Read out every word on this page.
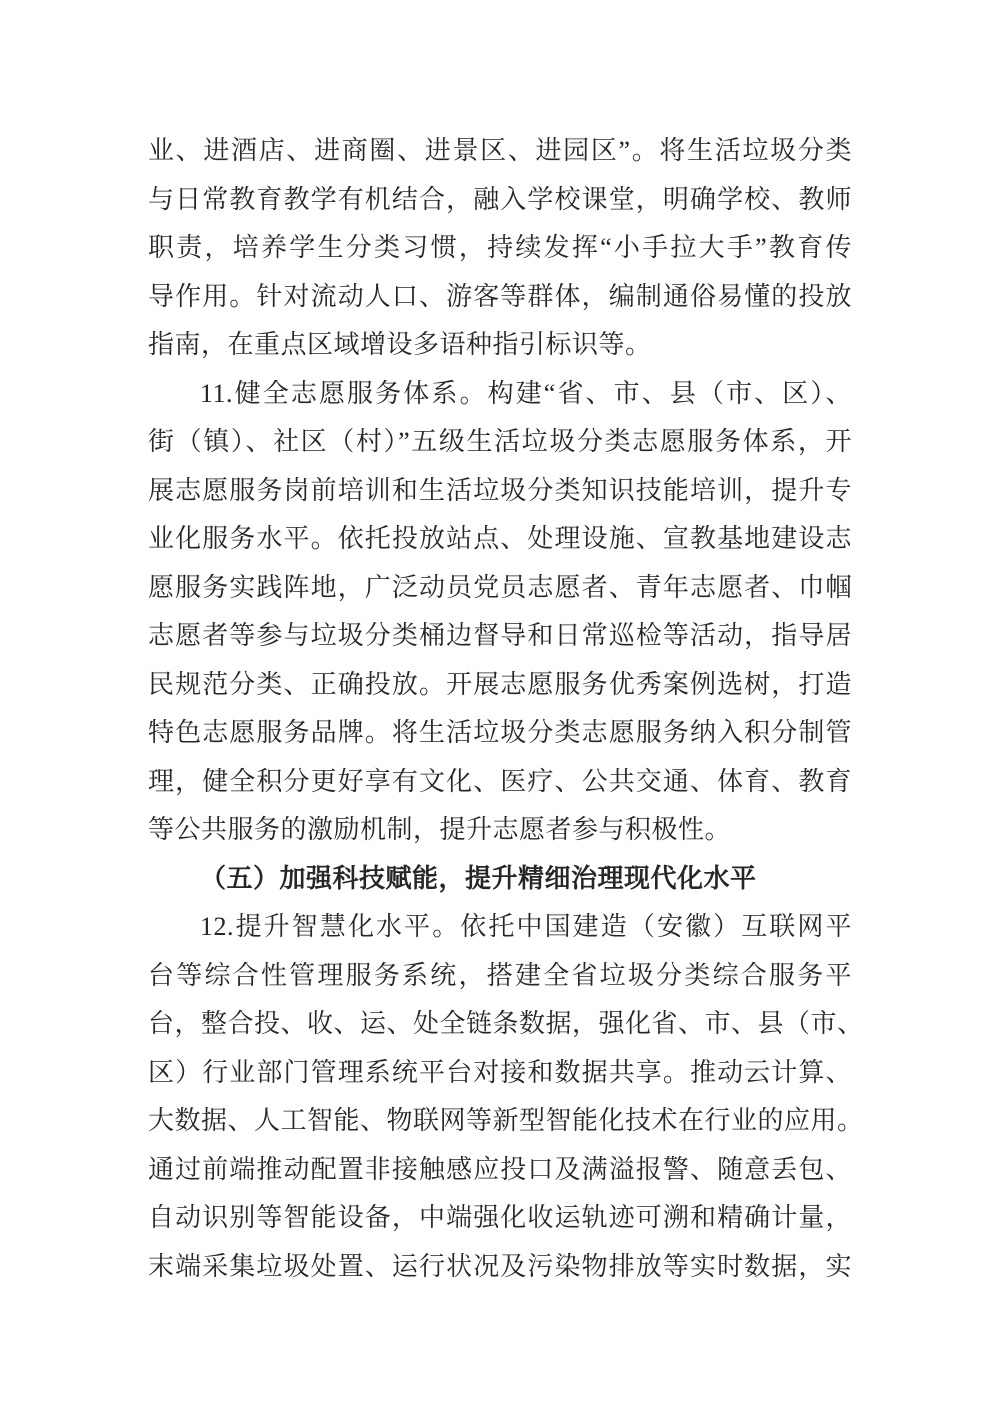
业、进酒店、进商圈、进景区、进园区”。将生活垃圾分类
与日常教育教学有机结合，融入学校课堂，明确学校、教师
职责，培养学生分类习惯，持续发挥“小手拉大手”教育传
导作用。针对流动人口、游客等群体，编制通俗易懂的投放
指南，在重点区域增设多语种指引标识等。
11.健全志愿服务体系。构建“省、市、县（市、区）、
街（镇）、社区（村）”五级生活垃圾分类志愿服务体系，开
展志愿服务岗前培训和生活垃圾分类知识技能培训，提升专
业化服务水平。依托投放站点、处理设施、宣教基地建设志
愿服务实践阵地，广泛动员党员志愿者、青年志愿者、巾帼
志愿者等参与垃圾分类桶边督导和日常巡检等活动，指导居
民规范分类、正确投放。开展志愿服务优秀案例选树，打造
特色志愿服务品牌。将生活垃圾分类志愿服务纳入积分制管
理，健全积分更好享有文化、医疗、公共交通、体育、教育
等公共服务的激励机制，提升志愿者参与积极性。
（五）加强科技赋能，提升精细治理现代化水平
12.提升智慧化水平。依托中国建造（安徽）互联网平
台等综合性管理服务系统，搭建全省垃圾分类综合服务平
台，整合投、收、运、处全链条数据，强化省、市、县（市、
区）行业部门管理系统平台对接和数据共享。推动云计算、
大数据、人工智能、物联网等新型智能化技术在行业的应用。
通过前端推动配置非接触感应投口及满溢报警、随意丢包、
自动识别等智能设备，中端强化收运轨迹可溯和精确计量，
末端采集垃圾处置、运行状况及污染物排放等实时数据，实
